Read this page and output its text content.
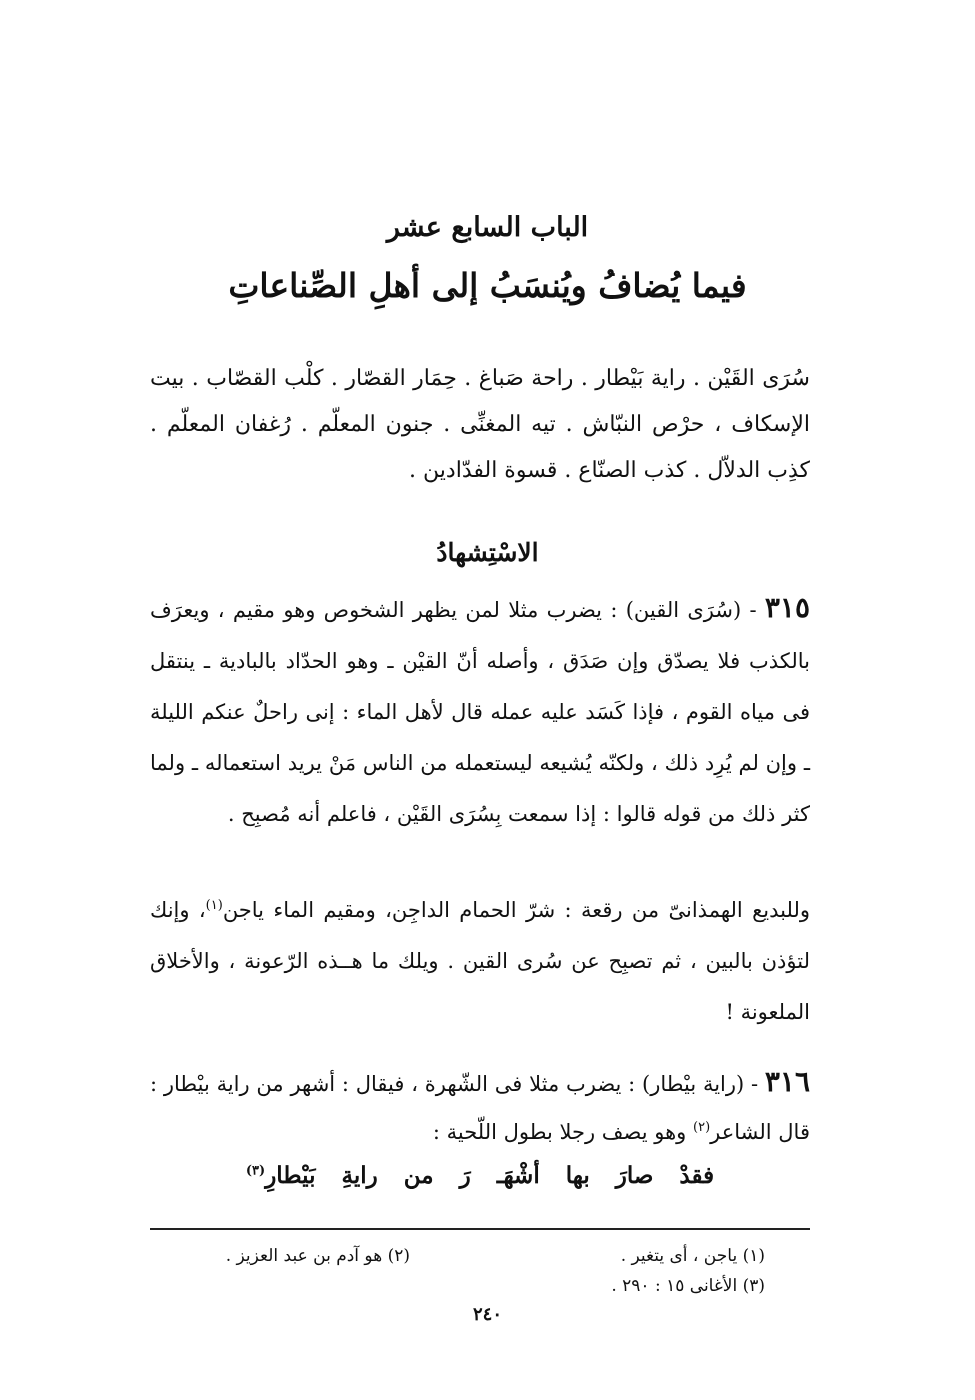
الباب السابع عشر
فيما يُضافُ ويُنسَبُ إلى أهلِ الصِّناعاتِ
سُرَى القَيْن . راية بَيْطار . راحة صَباغ . حِمَار القصّار . كلْب القصّاب . بيت الإسكاف ، حرْص النبّاش . تيه المغنِّى . جنون المعلّم . رُغفان المعلّم . كذِب الدلاّل . كذب الصنّاع . قسوة الفدّادين .
الاسْتِشهادُ
٣١٥ - (سُرَى القين) : يضرب مثلا لمن يظهر الشخوص وهو مقيم ، ويعرَف بالكذب فلا يصدّق وإن صَدَق ، وأصله أنّ القيْن ـ وهو الحدّاد بالبادية ـ ينتقل فى مياه القوم ، فإذا كَسَد عليه عمله قال لأهل الماء : إنى راحلٌ عنكم الليلة ـ وإن لم يُرِد ذلك ، ولكنّه يُشيعه ليستعمله من الناس مَنْ يريد استعماله ـ ولما كثر ذلك من قوله قالوا : إذا سمعت بِسُرَى القَيْن ، فاعلم أنه مُصبِح .
وللبديع الهمذانىّ من رقعة : شرّ الحمام الداجِن، ومقيم الماء ياجن$^{(١)}$، وإنك لتؤذن بالبين ، ثم تصبِح عن سُرى القين . ويلك ما هــذه الرّعونة ، والأخلاق الملعونة !
٣١٦ - (راية بيْطار) : يضرب مثلا فى الشّهرة ، فيقال : أشهر من راية بيْطار : قال الشاعر$^{(٢)}$ وهو يصف رجلا بطول اللّحية :
فقدْ صارَ بها أشْهَـ رَ من رايةِ بَيْطارِ$^{(٣)}$
(١) ياجن ، أى يتغير .
(٢) هو آدم بن عبد العزيز .
(٣) الأغانى ١٥ : ٢٩٠ .
٢٤٠
